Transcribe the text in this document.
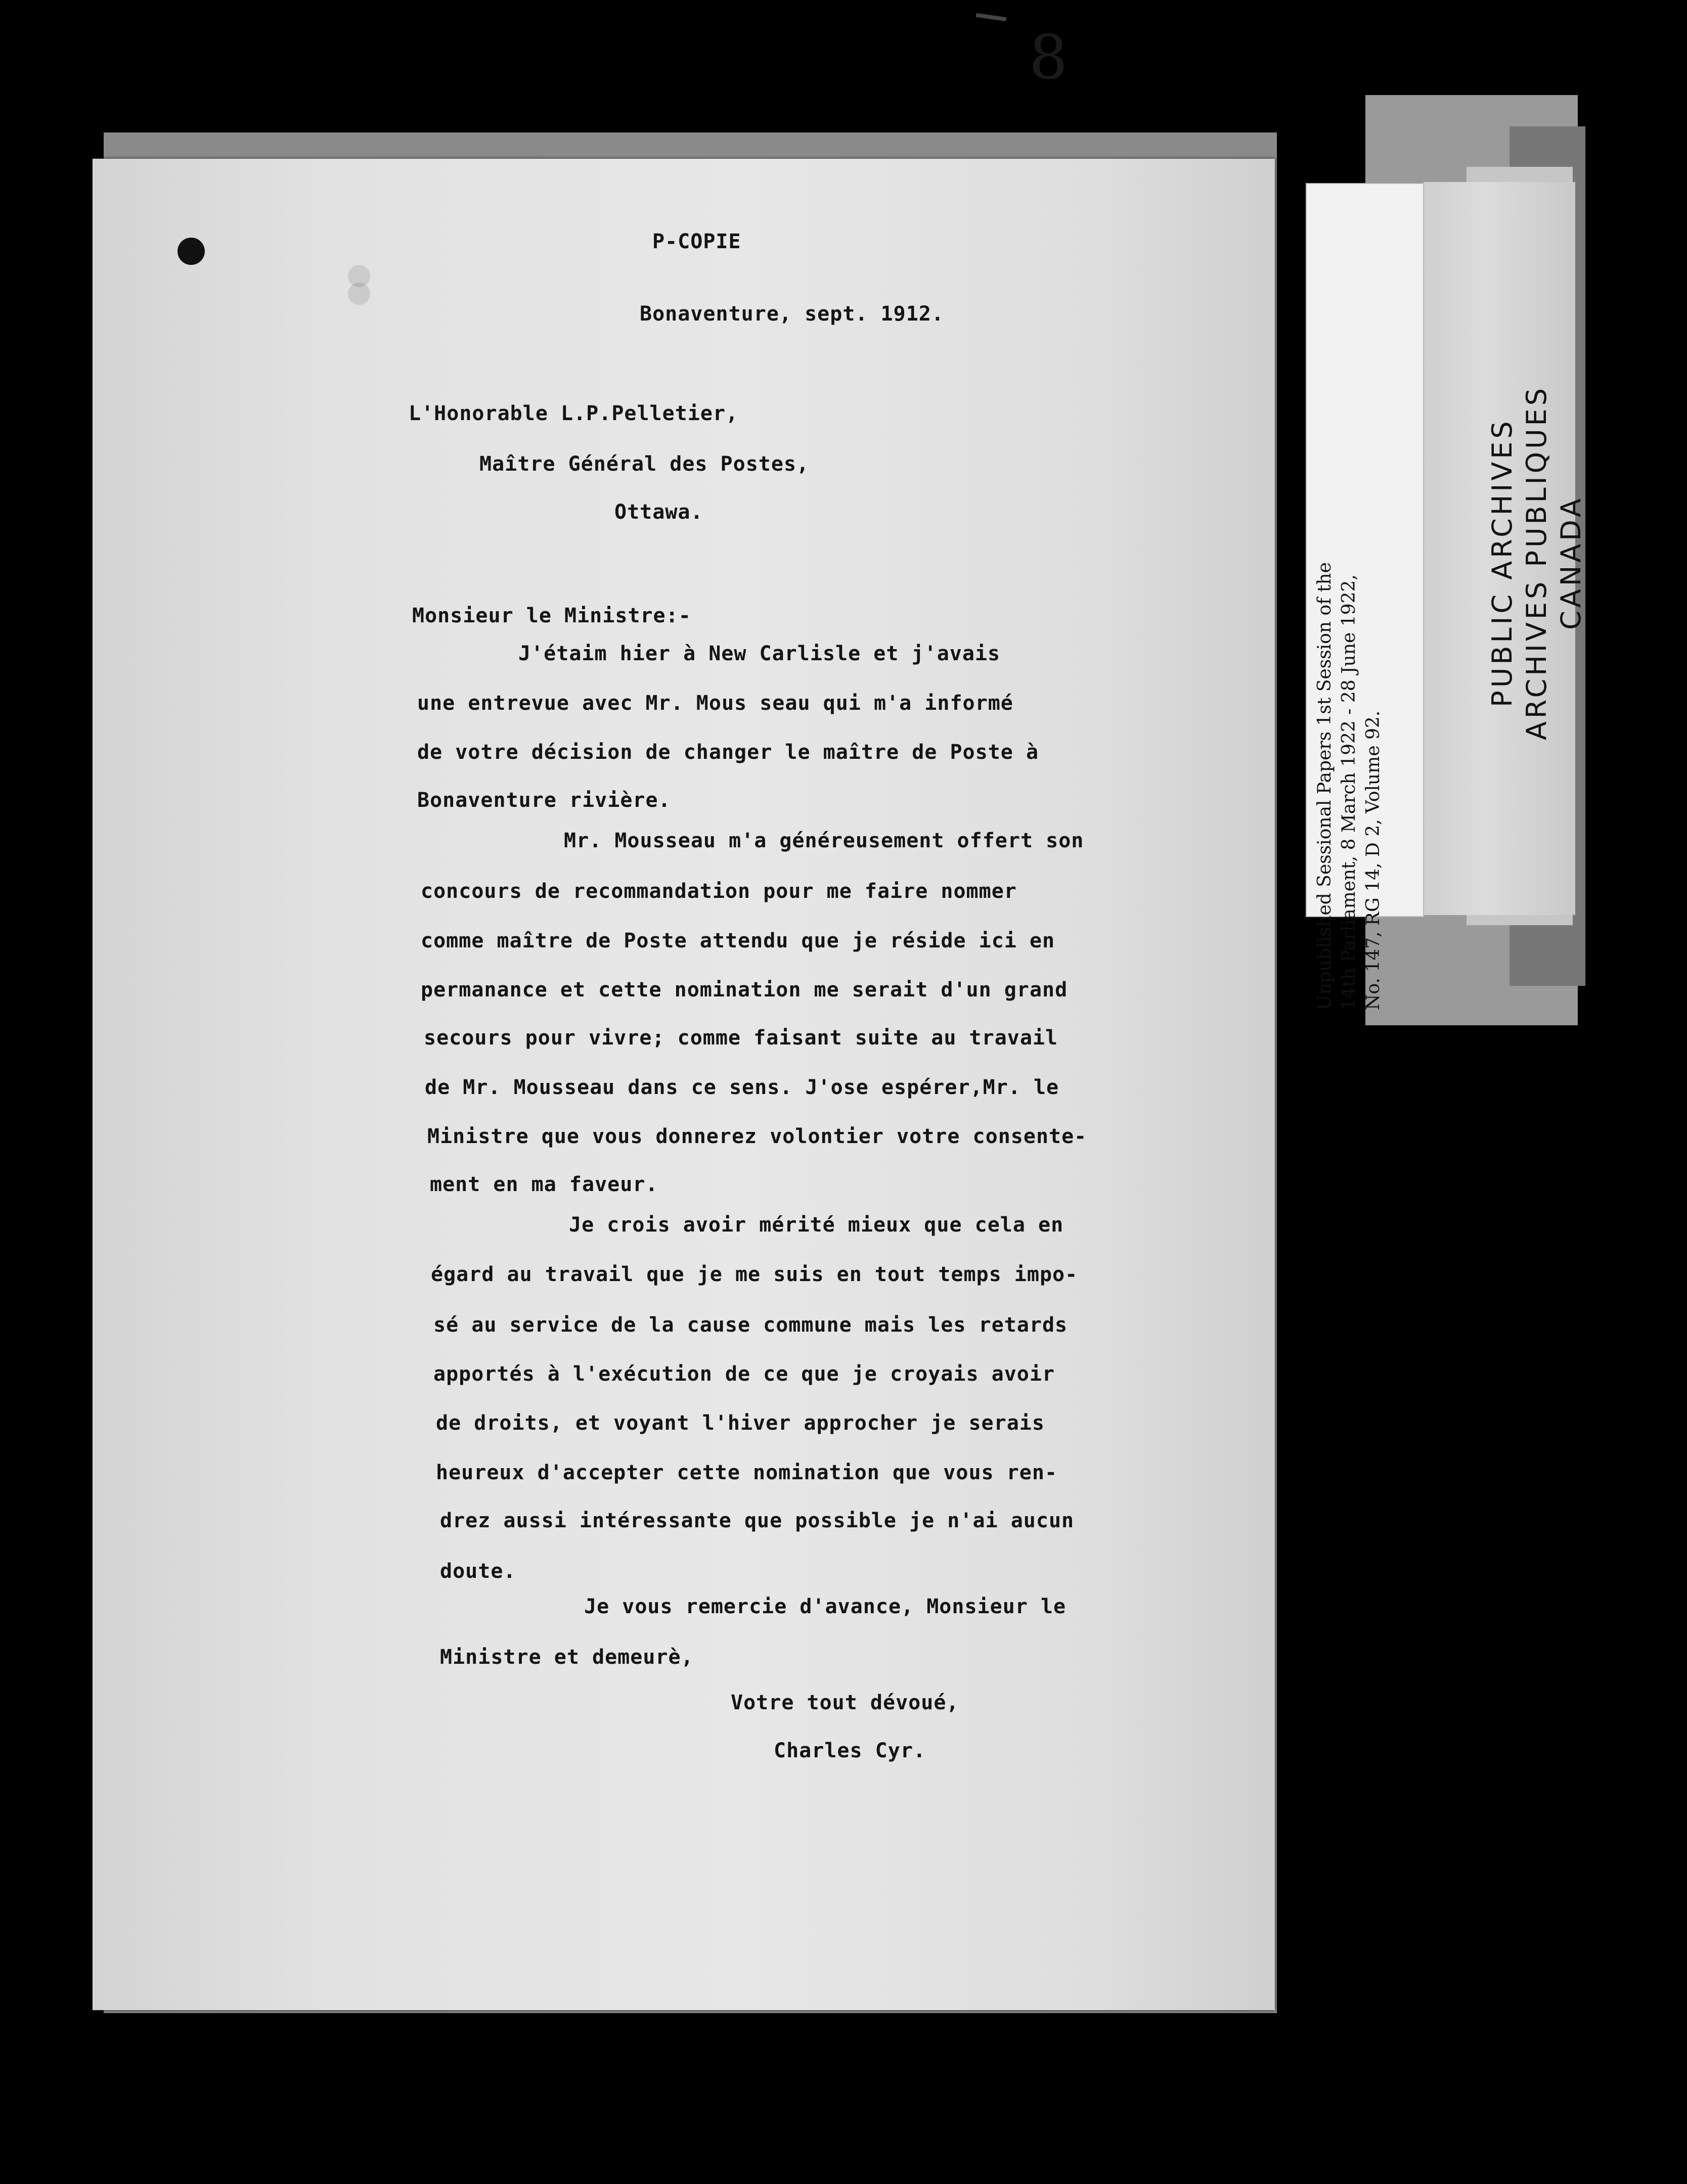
Unpublished Sessional Papers 1st Session of the 14th Parliament, 8 March 1922 - 28 June 1922, No. 147, RG 14, D 2, Volume 92.
PUBLIC ARCHIVES ARCHIVES PUBLIQUES CANADA
8
P-COPIE
Bonaventure, sept. 1912.
L'Honorable L.P.Pelletier,
Maître Général des Postes,
Ottawa.
Monsieur le Ministre:-
J'étaim hier à New Carlisle et j'avais
une entrevue avec Mr. Mous seau qui m'a informé
de votre décision de changer le maître de Poste à
Bonaventure rivière.
Mr. Mousseau m'a généreusement offert son
concours de recommandation pour me faire nommer
comme maître de Poste attendu que je réside ici en
permanance et cette nomination me serait d'un grand
secours pour vivre; comme faisant suite au travail
de Mr. Mousseau dans ce sens. J'ose espérer,Mr. le
Ministre que vous donnerez volontier votre consente-
ment en ma faveur.
Je crois avoir mérité mieux que cela en
égard au travail que je me suis en tout temps impo-
sé au service de la cause commune mais les retards
apportés à l'exécution de ce que je croyais avoir
de droits, et voyant l'hiver approcher je serais
heureux d'accepter cette nomination que vous ren-
drez aussi intéressante que possible je n'ai aucun
doute.
Je vous remercie d'avance, Monsieur le
Ministre et demeurè,
Votre tout dévoué,
Charles Cyr.
